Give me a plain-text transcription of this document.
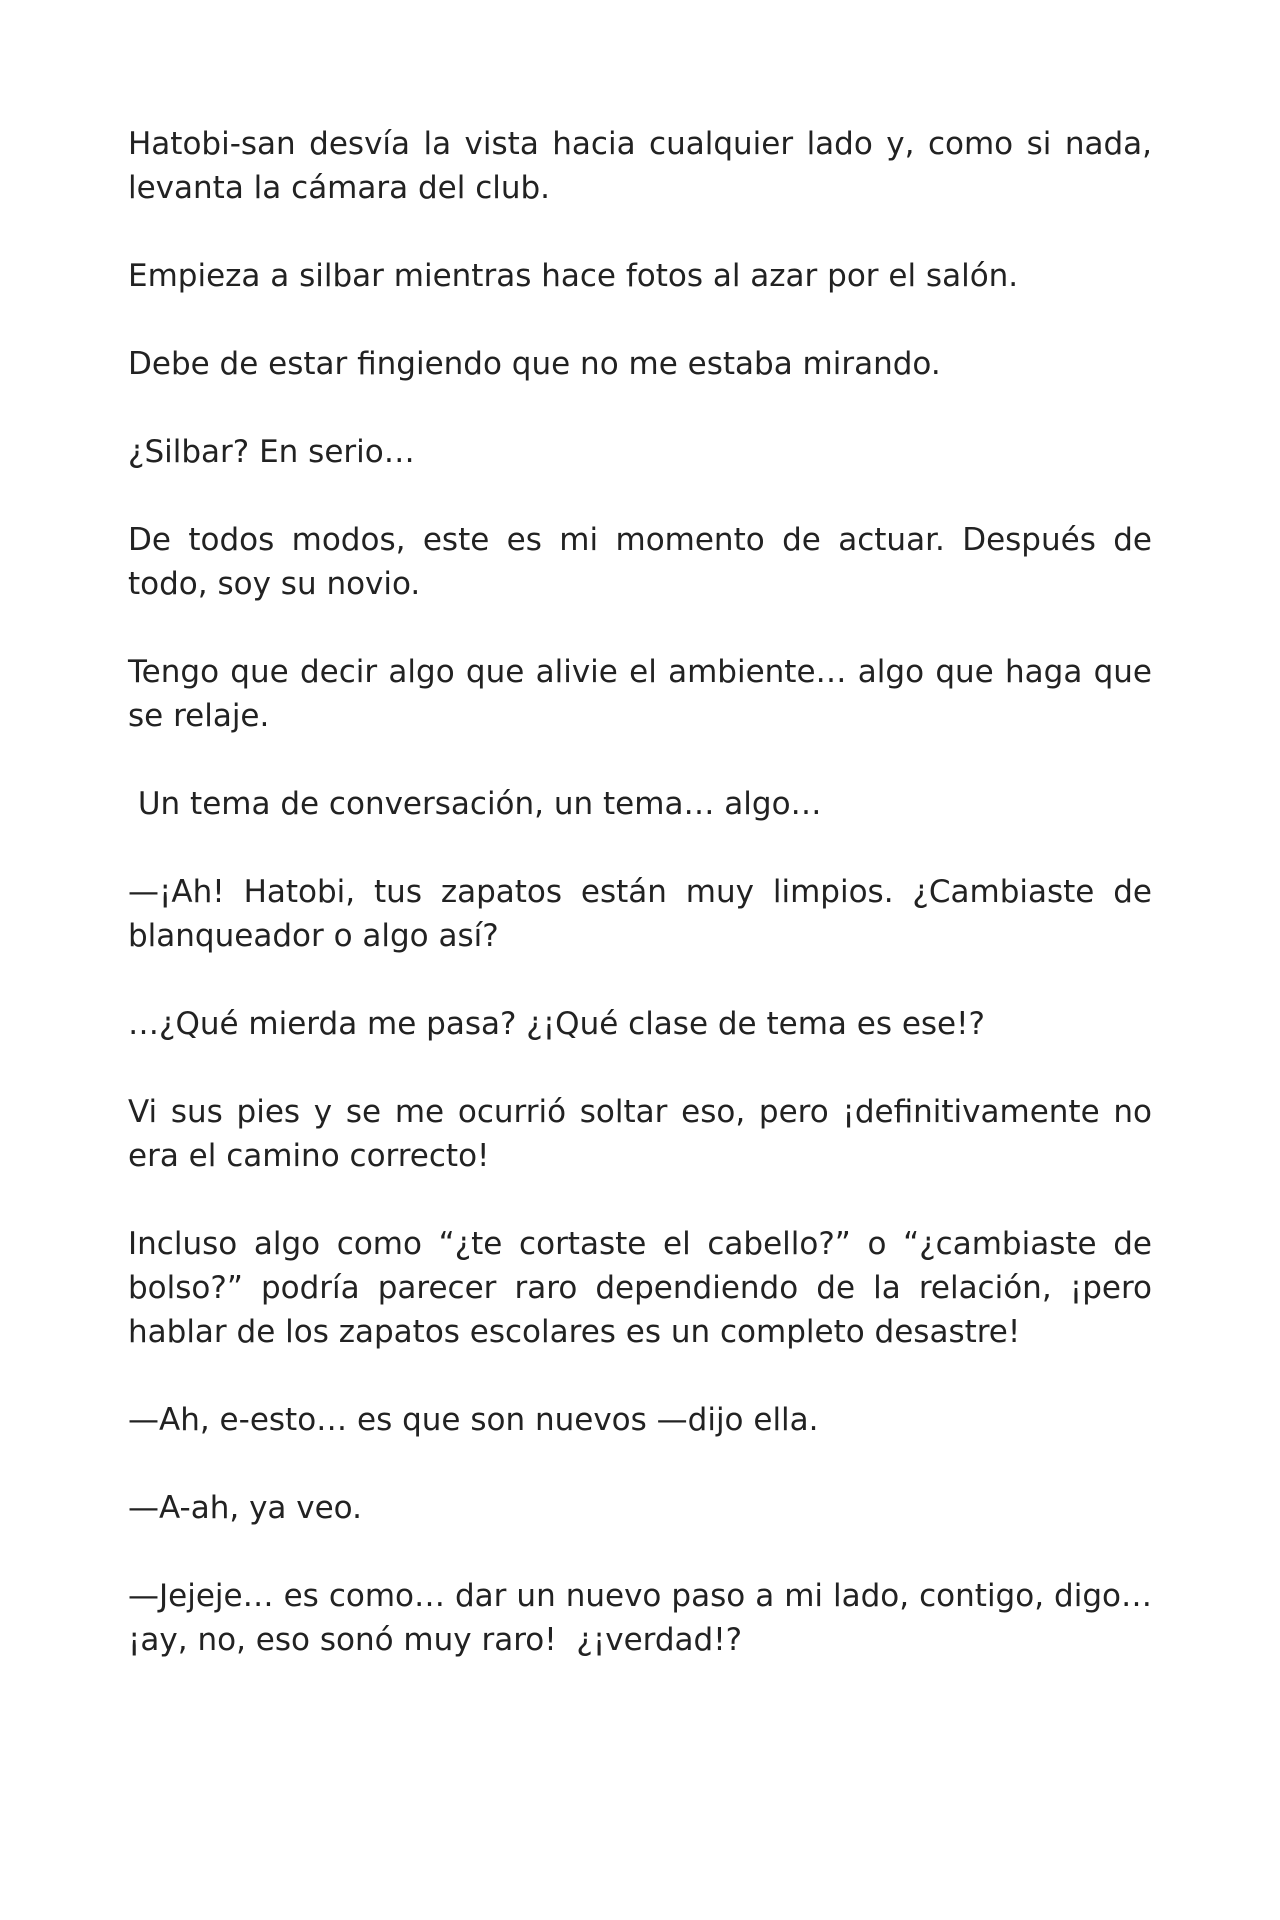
Hatobi-san desvía la vista hacia cualquier lado y, como si nada, levanta la cámara del club.

Empieza a silbar mientras hace fotos al azar por el salón.

Debe de estar fingiendo que no me estaba mirando.

¿Silbar? En serio…

De todos modos, este es mi momento de actuar. Después de todo, soy su novio.

Tengo que decir algo que alivie el ambiente… algo que haga que se relaje.

Un tema de conversación, un tema… algo…

—¡Ah! Hatobi, tus zapatos están muy limpios. ¿Cambiaste de blanqueador o algo así?

…¿Qué mierda me pasa? ¿¡Qué clase de tema es ese!?

Vi sus pies y se me ocurrió soltar eso, pero ¡definitivamente no era el camino correcto!

Incluso algo como “¿te cortaste el cabello?” o “¿cambiaste de bolso?” podría parecer raro dependiendo de la relación, ¡pero hablar de los zapatos escolares es un completo desastre!

—Ah, e-esto… es que son nuevos —dijo ella.

—A-ah, ya veo.

—Jejeje… es como… dar un nuevo paso a mi lado, contigo, digo… ¡ay, no, eso sonó muy raro!  ¿¡verdad!?
